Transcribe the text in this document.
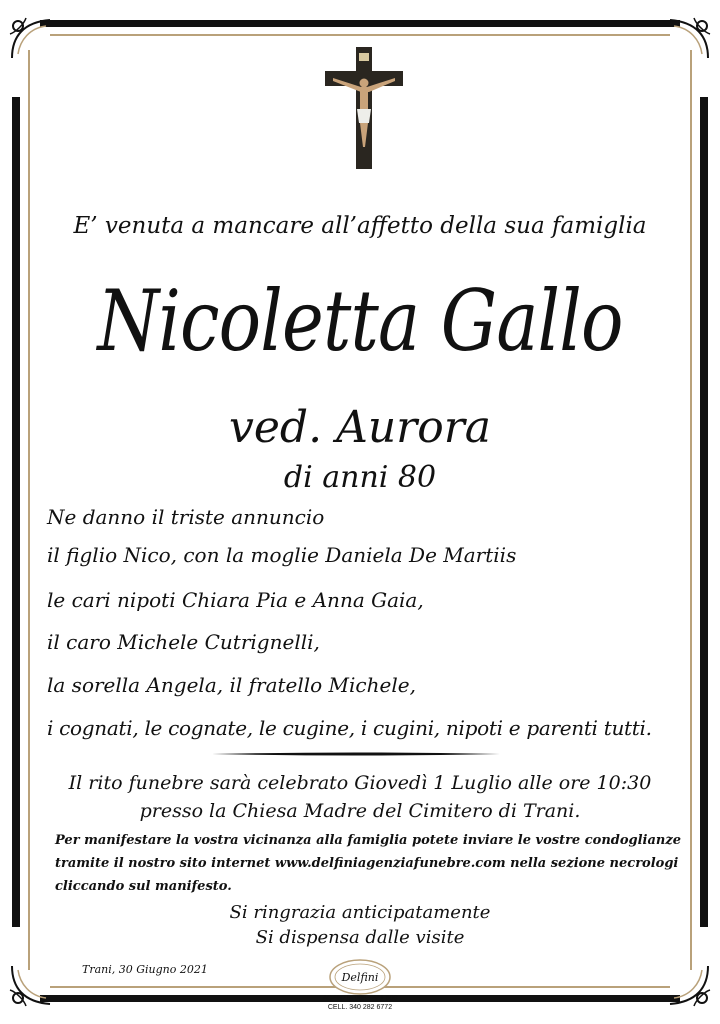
E’ venuta a mancare all’affetto della sua famiglia
Nicoletta Gallo
ved. Aurora
di anni 80
Ne danno il triste annuncio
il figlio Nico, con la moglie Daniela De Martiis
le cari nipoti Chiara Pia e Anna Gaia,
il caro Michele Cutrignelli,
la sorella Angela, il fratello Michele,
i cognati, le cognate, le cugine, i cugini, nipoti e parenti tutti.
Il rito funebre sarà celebrato Giovedì 1 Luglio alle ore 10:30
presso la Chiesa Madre del Cimitero di Trani.
Per manifestare la vostra vicinanza alla famiglia potete inviare le vostre condoglianze
tramite il nostro sito internet www.delfiniagenziafunebre.com nella sezione necrologi
cliccando sul manifesto.
Si ringrazia anticipatamente
Si dispensa dalle visite
Trani, 30 Giugno 2021
Delfini
AGENZIA 0883 481 608
CELL. 340 282 6772
